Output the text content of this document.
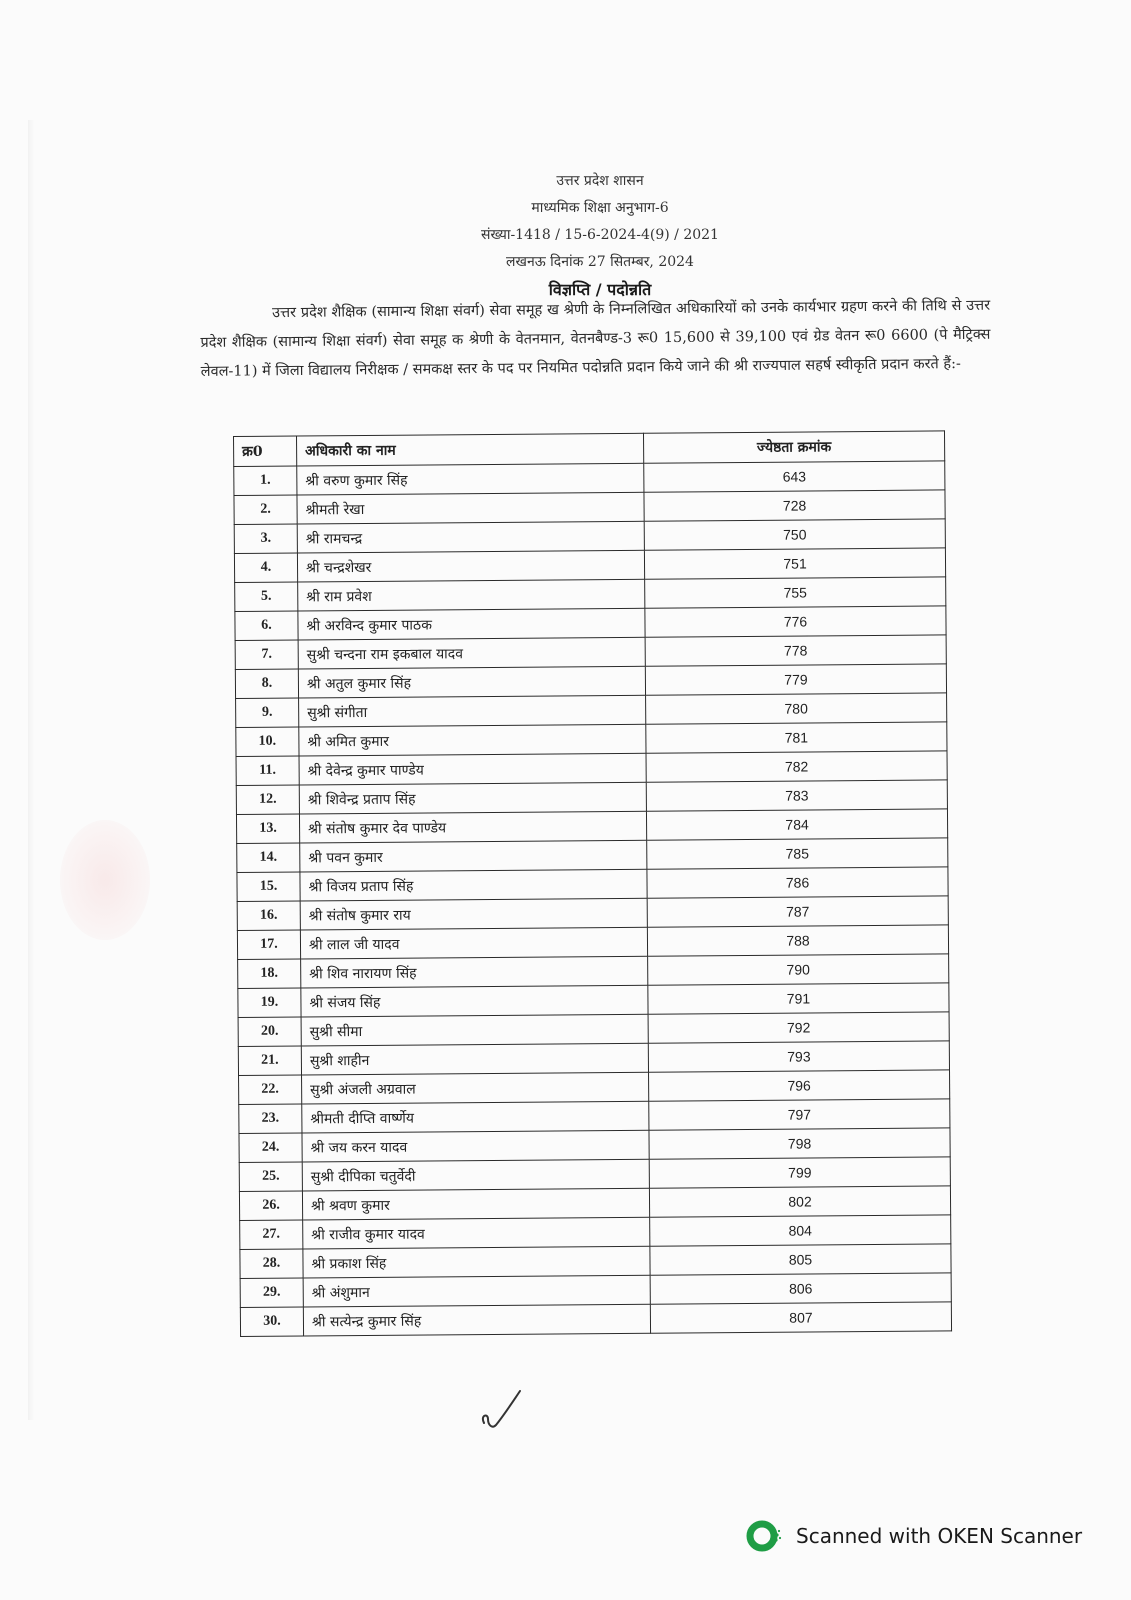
उत्तर प्रदेश शासन
माध्यमिक शिक्षा अनुभाग-6
संख्या-1418 / 15-6-2024-4(9) / 2021
लखनऊ दिनांक 27 सितम्बर, 2024
विज्ञप्ति / पदोन्नति
उत्तर प्रदेश शैक्षिक (सामान्य शिक्षा संवर्ग) सेवा समूह ख श्रेणी के निम्नलिखित अधिकारियों को उनके कार्यभार ग्रहण करने की तिथि से उत्तर प्रदेश शैक्षिक (सामान्य शिक्षा संवर्ग) सेवा समूह क श्रेणी के वेतनमान, वेतनबैण्ड-3 रू0 15,600 से 39,100 एवं ग्रेड वेतन रू0 6600 (पे मैट्रिक्स लेवल-11) में जिला विद्यालय निरीक्षक / समकक्ष स्तर के पद पर नियमित पदोन्नति प्रदान किये जाने की श्री राज्यपाल सहर्ष स्वीकृति प्रदान करते हैं:-
क्र0	अधिकारी का नाम	ज्येष्ठता क्रमांक
1.	श्री वरुण कुमार सिंह	643
2.	श्रीमती रेखा	728
3.	श्री रामचन्द्र	750
4.	श्री चन्द्रशेखर	751
5.	श्री राम प्रवेश	755
6.	श्री अरविन्द कुमार पाठक	776
7.	सुश्री चन्दना राम इकबाल यादव	778
8.	श्री अतुल कुमार सिंह	779
9.	सुश्री संगीता	780
10.	श्री अमित कुमार	781
11.	श्री देवेन्द्र कुमार पाण्डेय	782
12.	श्री शिवेन्द्र प्रताप सिंह	783
13.	श्री संतोष कुमार देव पाण्डेय	784
14.	श्री पवन कुमार	785
15.	श्री विजय प्रताप सिंह	786
16.	श्री संतोष कुमार राय	787
17.	श्री लाल जी यादव	788
18.	श्री शिव नारायण सिंह	790
19.	श्री संजय सिंह	791
20.	सुश्री सीमा	792
21.	सुश्री शाहीन	793
22.	सुश्री अंजली अग्रवाल	796
23.	श्रीमती दीप्ति वार्ष्णेय	797
24.	श्री जय करन यादव	798
25.	सुश्री दीपिका चतुर्वेदी	799
26.	श्री श्रवण कुमार	802
27.	श्री राजीव कुमार यादव	804
28.	श्री प्रकाश सिंह	805
29.	श्री अंशुमान	806
30.	श्री सत्येन्द्र कुमार सिंह	807
Scanned with OKEN Scanner
